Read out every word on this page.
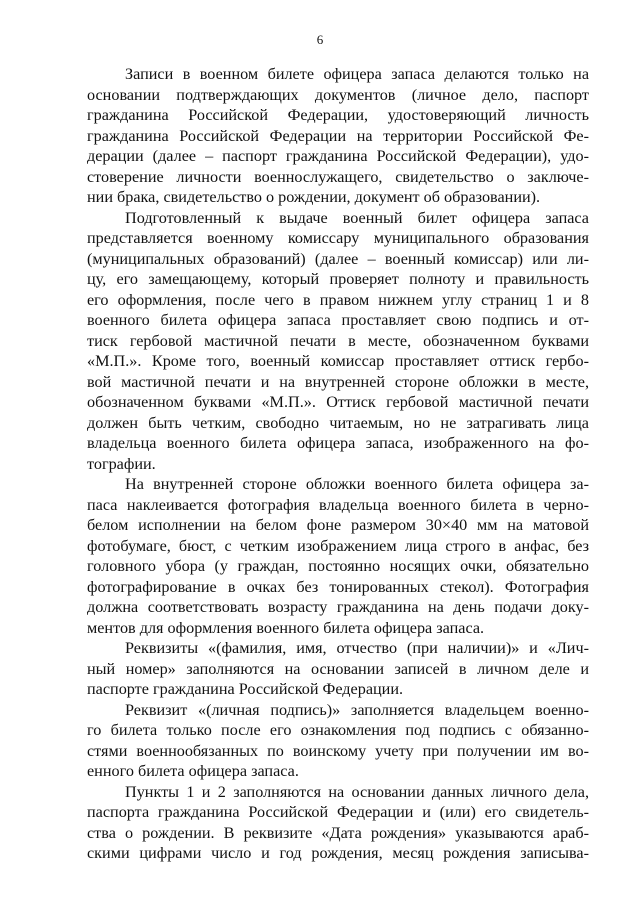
6
Записи в военном билете офицера запаса делаются только на
основании подтверждающих документов (личное дело, паспорт
гражданина Российской Федерации, удостоверяющий личность
гражданина Российской Федерации на территории Российской Фе-
дерации (далее – паспорт гражданина Российской Федерации), удо-
стоверение личности военнослужащего, свидетельство о заключе-
нии брака, свидетельство о рождении, документ об образовании).
Подготовленный к выдаче военный билет офицера запаса
представляется военному комиссару муниципального образования
(муниципальных образований) (далее – военный комиссар) или ли-
цу, его замещающему, который проверяет полноту и правильность
его оформления, после чего в правом нижнем углу страниц 1 и 8
военного билета офицера запаса проставляет свою подпись и от-
тиск гербовой мастичной печати в месте, обозначенном буквами
«М.П.». Кроме того, военный комиссар проставляет оттиск гербо-
вой мастичной печати и на внутренней стороне обложки в месте,
обозначенном буквами «М.П.». Оттиск гербовой мастичной печати
должен быть четким, свободно читаемым, но не затрагивать лица
владельца военного билета офицера запаса, изображенного на фо-
тографии.
На внутренней стороне обложки военного билета офицера за-
паса наклеивается фотография владельца военного билета в черно-
белом исполнении на белом фоне размером 30×40 мм на матовой
фотобумаге, бюст, с четким изображением лица строго в анфас, без
головного убора (у граждан, постоянно носящих очки, обязательно
фотографирование в очках без тонированных стекол). Фотография
должна соответствовать возрасту гражданина на день подачи доку-
ментов для оформления военного билета офицера запаса.
Реквизиты «(фамилия, имя, отчество (при наличии)» и «Лич-
ный номер» заполняются на основании записей в личном деле и
паспорте гражданина Российской Федерации.
Реквизит «(личная подпись)» заполняется владельцем военно-
го билета только после его ознакомления под подпись с обязанно-
стями военнообязанных по воинскому учету при получении им во-
енного билета офицера запаса.
Пункты 1 и 2 заполняются на основании данных личного дела,
паспорта гражданина Российской Федерации и (или) его свидетель-
ства о рождении. В реквизите «Дата рождения» указываются араб-
скими цифрами число и год рождения, месяц рождения записыва-
